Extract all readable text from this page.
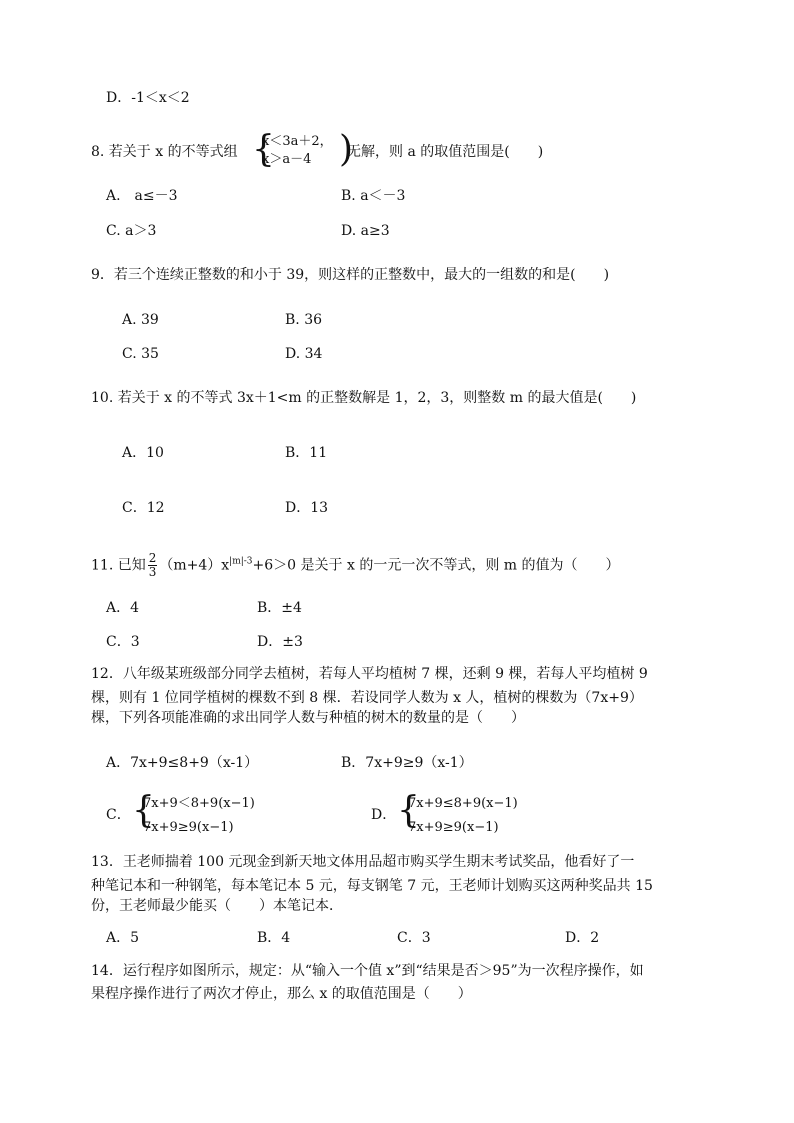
D．-1＜x＜2
8. 若关于 x 的不等式组 {
x＜3a＋2，
x＞a－4 )
无解，则 a 的取值范围是(　　)
A.　a≤－3	B. a＜－3
C. a＞3	D. a≥3
9．若三个连续正整数的和小于 39，则这样的正整数中，最大的一组数的和是(　　)
A. 39	B. 36
C. 35	D. 34
10. 若关于 x 的不等式 3x＋1<m 的正整数解是 1，2，3，则整数 m 的最大值是(　　)
A．10	B．11
C．12	D．13
11. 已知 $\frac{2}{3} (m+4)x^{|m|-3}+6>0$ 是关于 x 的一元一次不等式，则 m 的值为（　　）
A．4	B．±4
C．3	D．±3
12．八年级某班级部分同学去植树，若每人平均植树 7 棵，还剩 9 棵，若每人平均植树 9
棵，则有 1 位同学植树的棵数不到 8 棵．若设同学人数为 x 人，植树的棵数为（7x+9）
棵，下列各项能准确的求出同学人数与种植的树木的数量的是（　　）
A．7x+9≤8+9（x-1）	B．7x+9≥9（x-1）
C． {
7x+9＜8+9(x−1)
7x+9≥9(x−1)
D． {
7x+9≤8+9(x−1)
7x+9≥9(x−1)
13．王老师揣着 100 元现金到新天地文体用品超市购买学生期末考试奖品，他看好了一
种笔记本和一种钢笔，每本笔记本 5 元，每支钢笔 7 元，王老师计划购买这两种奖品共 15
份，王老师最少能买（　　）本笔记本．
A．5	B．4	C．3	D．2
14．运行程序如图所示，规定：从“输入一个值 x”到“结果是否＞95”为一次程序操作，如
果程序操作进行了两次才停止，那么 x 的取值范围是（　　）
